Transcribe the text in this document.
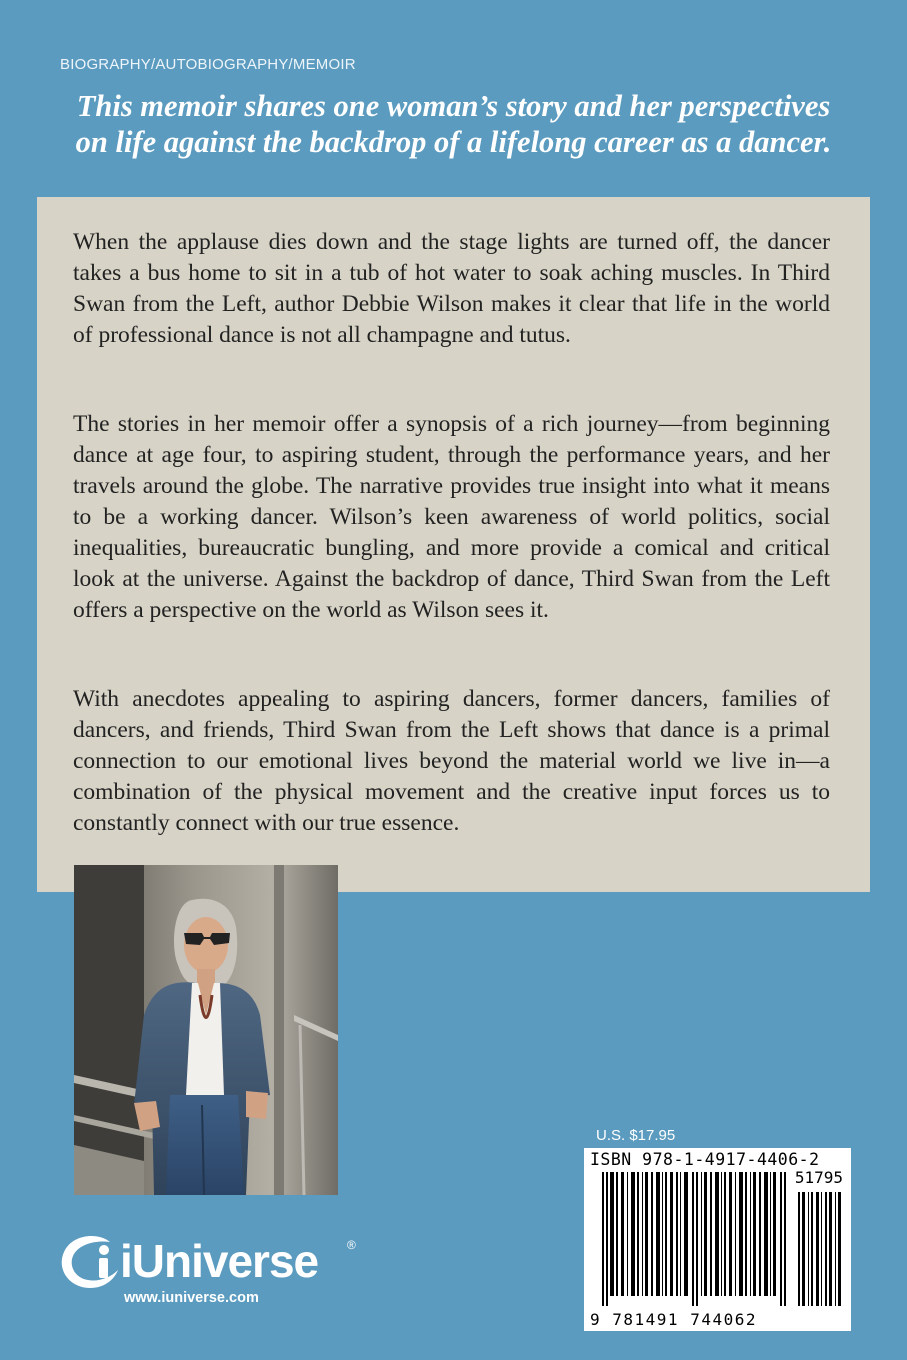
BIOGRAPHY/AUTOBIOGRAPHY/MEMOIR
This memoir shares one woman’s story and her perspectives on life against the backdrop of a lifelong career as a dancer.

When the applause dies down and the stage lights are turned off, the dancer takes a bus home to sit in a tub of hot water to soak aching muscles. In Third Swan from the Left, author Debbie Wilson makes it clear that life in the world of professional dance is not all champagne and tutus.

The stories in her memoir offer a synopsis of a rich journey—from beginning dance at age four, to aspiring student, through the performance years, and her travels around the globe. The narrative provides true insight into what it means to be a working dancer. Wilson’s keen awareness of world politics, social inequalities, bureaucratic bungling, and more provide a comical and critical look at the universe. Against the backdrop of dance, Third Swan from the Left offers a perspective on the world as Wilson sees it.

With anecdotes appealing to aspiring dancers, former dancers, families of dancers, and friends, Third Swan from the Left shows that dance is a primal connection to our emotional lives beyond the material world we live in—a combination of the physical movement and the creative input forces us to constantly connect with our true essence.

U.S. $17.95
ISBN 978-1-4917-4406-2
51795
9 781491 744062
iUniverse ®
www.iuniverse.com
